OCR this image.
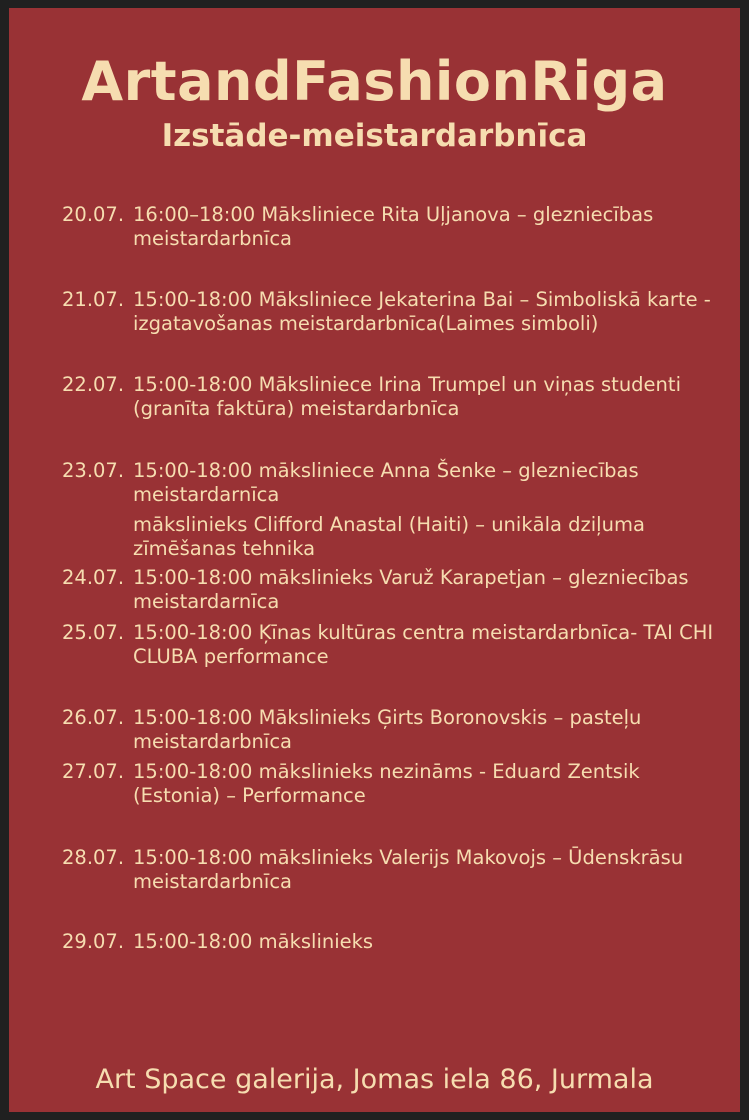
ArtandFashionRiga
Izstāde-meistardarbnīca
20.07. 16:00–18:00 Māksliniece Rita Uļjanova – glezniecības meistardarbnīca
21.07. 15:00-18:00 Māksliniece Jekaterina Bai – Simboliskā karte -izgatavošanas meistardarbnīca(Laimes simboli)
22.07. 15:00-18:00 Māksliniece Irina Trumpel un viņas studenti (granīta faktūra) meistardarbnīca
23.07. 15:00-18:00 māksliniece Anna Šenke – glezniecības meistardarnīca
mākslinieks Clifford Anastal (Haiti) – unikāla dziļuma zīmēšanas tehnika
24.07. 15:00-18:00 mākslinieks Varuž Karapetjan – glezniecības meistardarnīca
25.07. 15:00-18:00 Ķīnas kultūras centra meistardarbnīca- TAI CHI CLUBA performance
26.07. 15:00-18:00 Mākslinieks Ģirts Boronovskis – pasteļu meistardarbnīca
27.07. 15:00-18:00 mākslinieks nezināms - Eduard Zentsik (Estonia) – Performance
28.07. 15:00-18:00 mākslinieks Valerijs Makovojs – Ūdenskrāsu meistardarbnīca
29.07. 15:00-18:00 mākslinieks
Art Space galerija, Jomas iela 86, Jurmala
